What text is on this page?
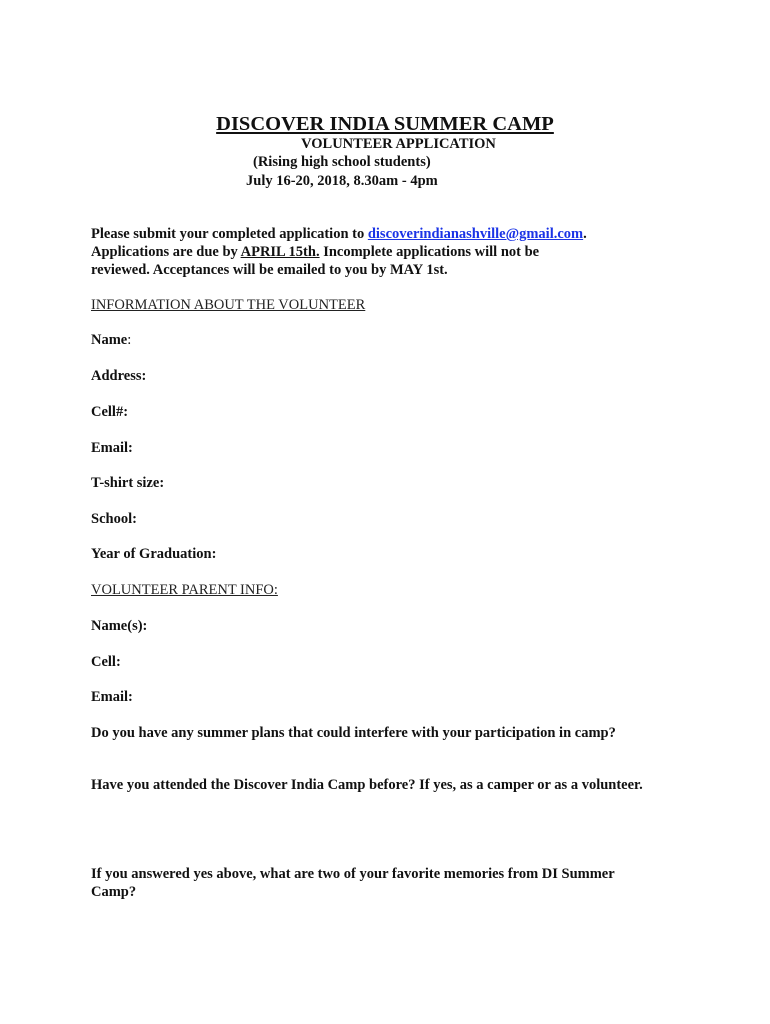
DISCOVER INDIA SUMMER CAMP
VOLUNTEER APPLICATION
(Rising high school students)
July 16-20, 2018, 8.30am - 4pm
Please submit your completed application to discoverindianashville@gmail.com.
Applications are due by APRIL 15th. Incomplete applications will not be
reviewed. Acceptances will be emailed to you by MAY 1st.
INFORMATION ABOUT THE VOLUNTEER
Name:
Address:
Cell#:
Email:
T-shirt size:
School:
Year of Graduation:
VOLUNTEER PARENT INFO:
Name(s):
Cell:
Email:
Do you have any summer plans that could interfere with your participation in camp?
Have you attended the Discover India Camp before? If yes, as a camper or as a volunteer.
If you answered yes above, what are two of your favorite memories from DI Summer
Camp?
